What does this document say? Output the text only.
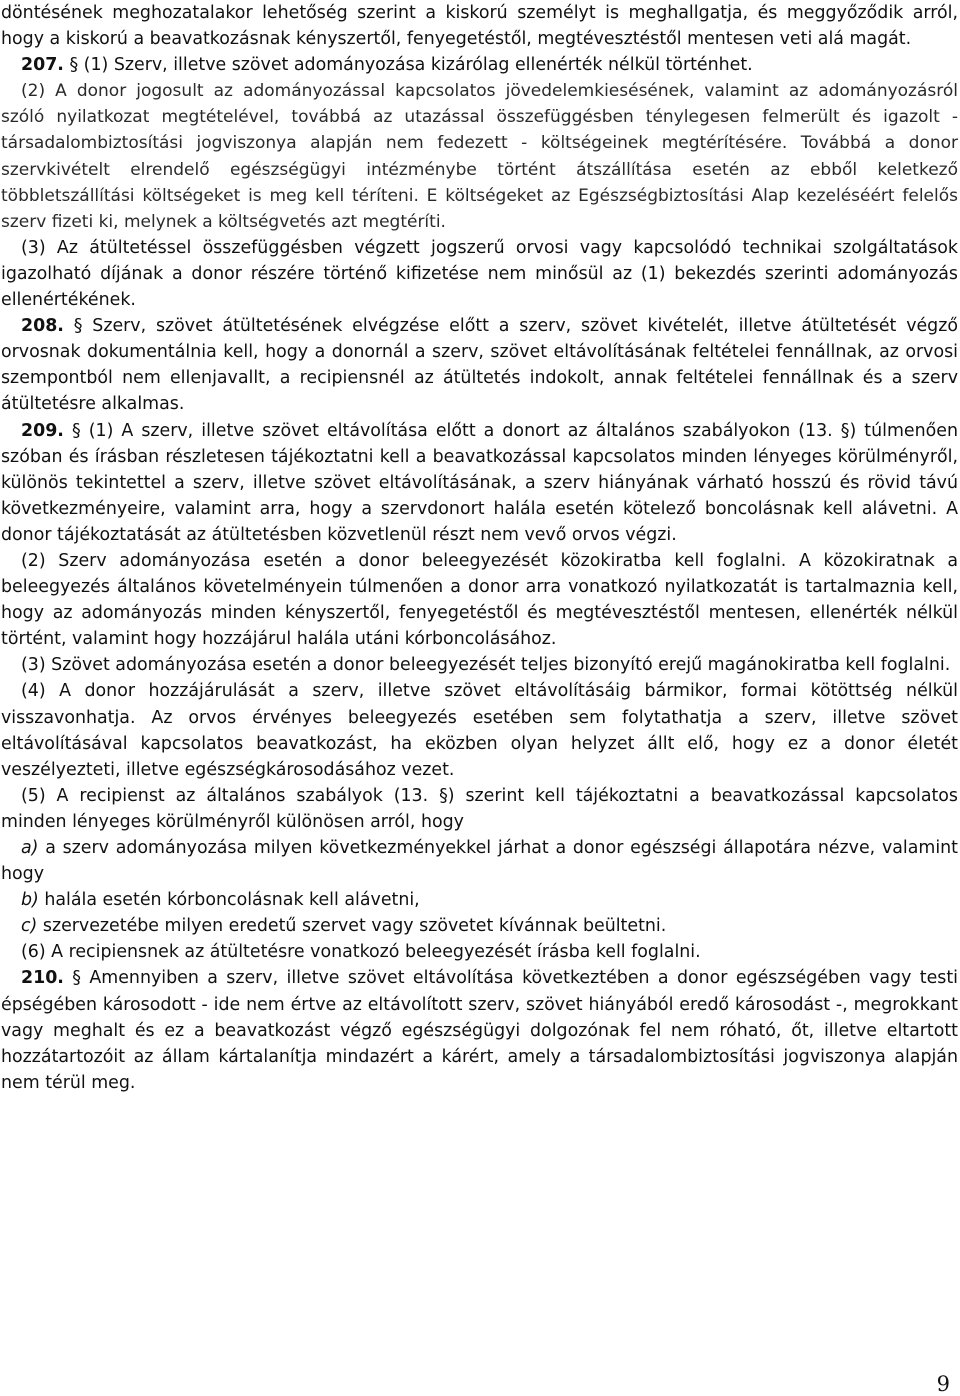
döntésének meghozatalakor lehetőség szerint a kiskorú személyt is meghallgatja, és meggyőződik arról, hogy a kiskorú a beavatkozásnak kényszertől, fenyegetéstől, megtévesztéstől mentesen veti alá magát.

207. § (1) Szerv, illetve szövet adományozása kizárólag ellenérték nélkül történhet.

(2) A donor jogosult az adományozással kapcsolatos jövedelemkiesésének, valamint az adományozásról szóló nyilatkozat megtételével, továbbá az utazással összefüggésben ténylegesen felmerült és igazolt - társadalombiztosítási jogviszonya alapján nem fedezett - költségeinek megtérítésére. Továbbá a donor szervkivételt elrendelő egészségügyi intézménybe történt átszállítása esetén az ebből keletkező többletszállítási költségeket is meg kell téríteni. E költségeket az Egészségbiztosítási Alap kezeléséért felelős szerv fizeti ki, melynek a költségvetés azt megtéríti.

(3) Az átültetéssel összefüggésben végzett jogszerű orvosi vagy kapcsolódó technikai szolgáltatások igazolható díjának a donor részére történő kifizetése nem minősül az (1) bekezdés szerinti adományozás ellenértékének.

208. § Szerv, szövet átültetésének elvégzése előtt a szerv, szövet kivételét, illetve átültetését végző orvosnak dokumentálnia kell, hogy a donornál a szerv, szövet eltávolításának feltételei fennállnak, az orvosi szempontból nem ellenjavallt, a recipiensnél az átültetés indokolt, annak feltételei fennállnak és a szerv átültetésre alkalmas.

209. § (1) A szerv, illetve szövet eltávolítása előtt a donort az általános szabályokon (13. §) túlmenően szóban és írásban részletesen tájékoztatni kell a beavatkozással kapcsolatos minden lényeges körülményről, különös tekintettel a szerv, illetve szövet eltávolításának, a szerv hiányának várható hosszú és rövid távú következményeire, valamint arra, hogy a szervdonort halála esetén kötelező boncolásnak kell alávetni. A donor tájékoztatását az átültetésben közvetlenül részt nem vevő orvos végzi.

(2) Szerv adományozása esetén a donor beleegyezését közokiratba kell foglalni. A közokiratnak a beleegyezés általános követelményein túlmenően a donor arra vonatkozó nyilatkozatát is tartalmaznia kell, hogy az adományozás minden kényszertől, fenyegetéstől és megtévesztéstől mentesen, ellenérték nélkül történt, valamint hogy hozzájárul halála utáni kórboncolásához.

(3) Szövet adományozása esetén a donor beleegyezését teljes bizonyító erejű magánokiratba kell foglalni.

(4) A donor hozzájárulását a szerv, illetve szövet eltávolításáig bármikor, formai kötöttség nélkül visszavonhatja. Az orvos érvényes beleegyezés esetében sem folytathatja a szerv, illetve szövet eltávolításával kapcsolatos beavatkozást, ha eközben olyan helyzet állt elő, hogy ez a donor életét veszélyezteti, illetve egészségkárosodásához vezet.

(5) A recipienst az általános szabályok (13. §) szerint kell tájékoztatni a beavatkozással kapcsolatos minden lényeges körülményről különösen arról, hogy

a) a szerv adományozása milyen következményekkel járhat a donor egészségi állapotára nézve, valamint hogy

b) halála esetén kórboncolásnak kell alávetni,

c) szervezetébe milyen eredetű szervet vagy szövetet kívánnak beültetni.

(6) A recipiensnek az átültetésre vonatkozó beleegyezését írásba kell foglalni.

210. § Amennyiben a szerv, illetve szövet eltávolítása következtében a donor egészségében vagy testi épségében károsodott - ide nem értve az eltávolított szerv, szövet hiányából eredő károsodást -, megrokkant vagy meghalt és ez a beavatkozást végző egészségügyi dolgozónak fel nem róható, őt, illetve eltartott hozzátartozóit az állam kártalanítja mindazért a kárért, amely a társadalombiztosítási jogviszonya alapján nem térül meg.

9
